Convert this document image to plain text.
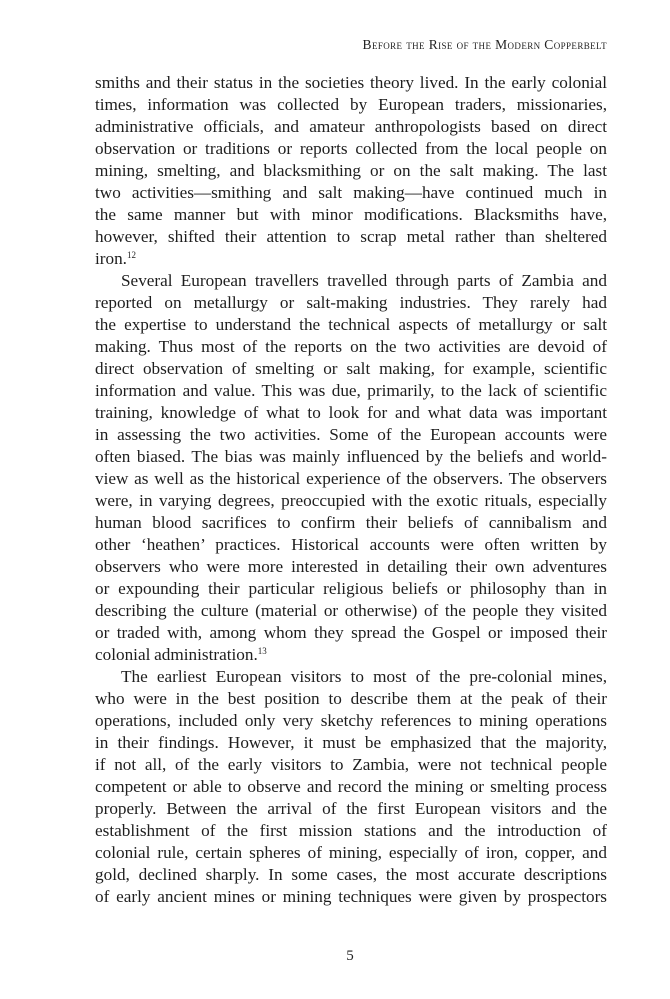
Before the Rise of the Modern Copperbelt
smiths and their status in the societies theory lived. In the early colonial
times, information was collected by European traders, missionaries,
administrative officials, and amateur anthropologists based on direct
observation or traditions or reports collected from the local people on
mining, smelting, and blacksmithing or on the salt making. The last
two activities—smithing and salt making—have continued much in
the same manner but with minor modifications. Blacksmiths have,
however, shifted their attention to scrap metal rather than sheltered
iron.$^{12}$
Several European travellers travelled through parts of Zambia and
reported on metallurgy or salt-making industries. They rarely had
the expertise to understand the technical aspects of metallurgy or salt
making. Thus most of the reports on the two activities are devoid of
direct observation of smelting or salt making, for example, scientific
information and value. This was due, primarily, to the lack of scientific
training, knowledge of what to look for and what data was important
in assessing the two activities. Some of the European accounts were
often biased. The bias was mainly influenced by the beliefs and world-
view as well as the historical experience of the observers. The observers
were, in varying degrees, preoccupied with the exotic rituals, especially
human blood sacrifices to confirm their beliefs of cannibalism and
other ‘heathen’ practices. Historical accounts were often written by
observers who were more interested in detailing their own adventures
or expounding their particular religious beliefs or philosophy than in
describing the culture (material or otherwise) of the people they visited
or traded with, among whom they spread the Gospel or imposed their
colonial administration.$^{13}$
The earliest European visitors to most of the pre-colonial mines,
who were in the best position to describe them at the peak of their
operations, included only very sketchy references to mining operations
in their findings. However, it must be emphasized that the majority,
if not all, of the early visitors to Zambia, were not technical people
competent or able to observe and record the mining or smelting process
properly. Between the arrival of the first European visitors and the
establishment of the first mission stations and the introduction of
colonial rule, certain spheres of mining, especially of iron, copper, and
gold, declined sharply. In some cases, the most accurate descriptions
of early ancient mines or mining techniques were given by prospectors
5
